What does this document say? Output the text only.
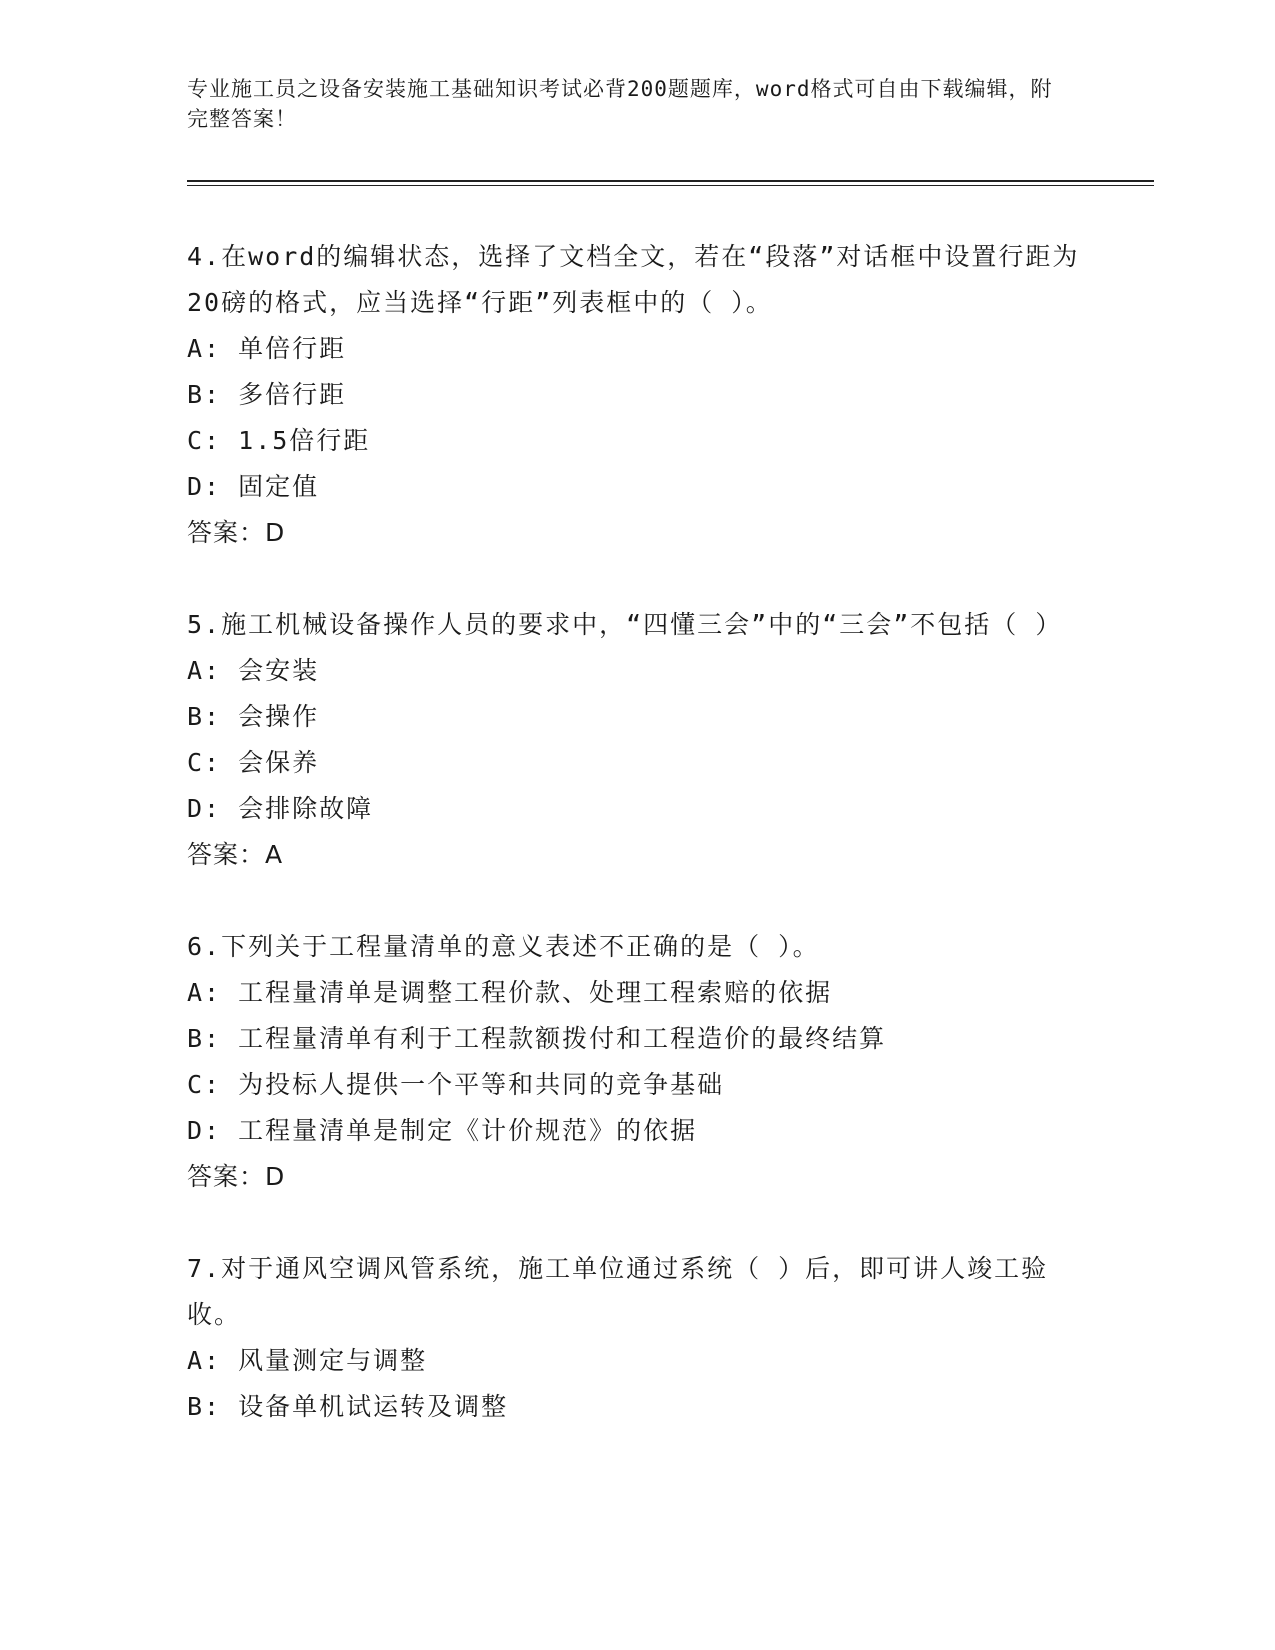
专业施工员之设备安装施工基础知识考试必背200题题库，word格式可自由下载编辑，附完整答案！
4.在word的编辑状态，选择了文档全文，若在“段落”对话框中设置行距为20磅的格式，应当选择“行距”列表框中的（ ）。
A: 单倍行距
B: 多倍行距
C: 1.5倍行距
D: 固定值
答案：D
5.施工机械设备操作人员的要求中，“四懂三会”中的“三会”不包括（ ）
A: 会安装
B: 会操作
C: 会保养
D: 会排除故障
答案：A
6.下列关于工程量清单的意义表述不正确的是（ ）。
A: 工程量清单是调整工程价款、处理工程索赔的依据
B: 工程量清单有利于工程款额拨付和工程造价的最终结算
C: 为投标人提供一个平等和共同的竞争基础
D: 工程量清单是制定《计价规范》的依据
答案：D
7.对于通风空调风管系统，施工单位通过系统（ ）后，即可讲人竣工验收。
A: 风量测定与调整
B: 设备单机试运转及调整
